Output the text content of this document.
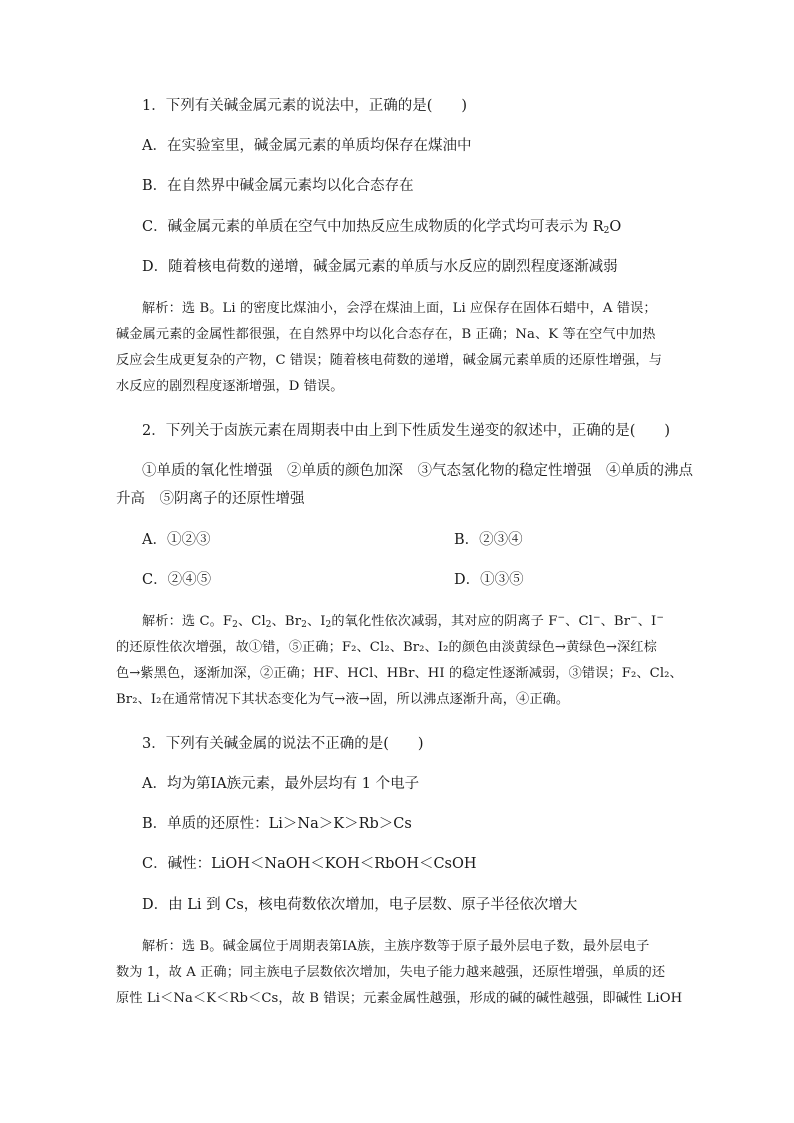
1．下列有关碱金属元素的说法中，正确的是(　　)
A．在实验室里，碱金属元素的单质均保存在煤油中
B．在自然界中碱金属元素均以化合态存在
C．碱金属元素的单质在空气中加热反应生成物质的化学式均可表示为 $R_2O$
D．随着核电荷数的递增，碱金属元素的单质与水反应的剧烈程度逐渐减弱
解析：选 B。Li 的密度比煤油小，会浮在煤油上面，Li 应保存在固体石蜡中，A 错误；
碱金属元素的金属性都很强，在自然界中均以化合态存在，B 正确；Na、K 等在空气中加热
反应会生成更复杂的产物，C 错误；随着核电荷数的递增，碱金属元素单质的还原性增强，与
水反应的剧烈程度逐渐增强，D 错误。
2．下列关于卤族元素在周期表中由上到下性质发生递变的叙述中，正确的是(　　)
①单质的氧化性增强　②单质的颜色加深　③气态氢化物的稳定性增强　④单质的沸点
升高　⑤阴离子的还原性增强
A．①②③	B．②③④
C．②④⑤	D．①③⑤
解析：选 C。$F_2$、$Cl_2$、$Br_2$、$I_2$的氧化性依次减弱，其对应的阴离子 F−、Cl−、Br−、I−
的还原性依次增强，故①错，⑤正确；F₂、Cl₂、Br₂、I₂的颜色由淡黄绿色→黄绿色→深红棕
色→紫黑色，逐渐加深，②正确；HF、HCl、HBr、HI 的稳定性逐渐减弱，③错误；F₂、Cl₂、
Br₂、I₂在通常情况下其状态变化为气→液→固，所以沸点逐渐升高，④正确。
3．下列有关碱金属的说法不正确的是(　　)
A．均为第ⅠA族元素，最外层均有 1 个电子
B．单质的还原性：Li＞Na＞K＞Rb＞Cs
C．碱性：LiOH＜NaOH＜KOH＜RbOH＜CsOH
D．由 Li 到 Cs，核电荷数依次增加，电子层数、原子半径依次增大
解析：选 B。碱金属位于周期表第ⅠA族，主族序数等于原子最外层电子数，最外层电子
数为 1，故 A 正确；同主族电子层数依次增加，失电子能力越来越强，还原性增强，单质的还
原性 Li＜Na＜K＜Rb＜Cs，故 B 错误；元素金属性越强，形成的碱的碱性越强，即碱性 LiOH
